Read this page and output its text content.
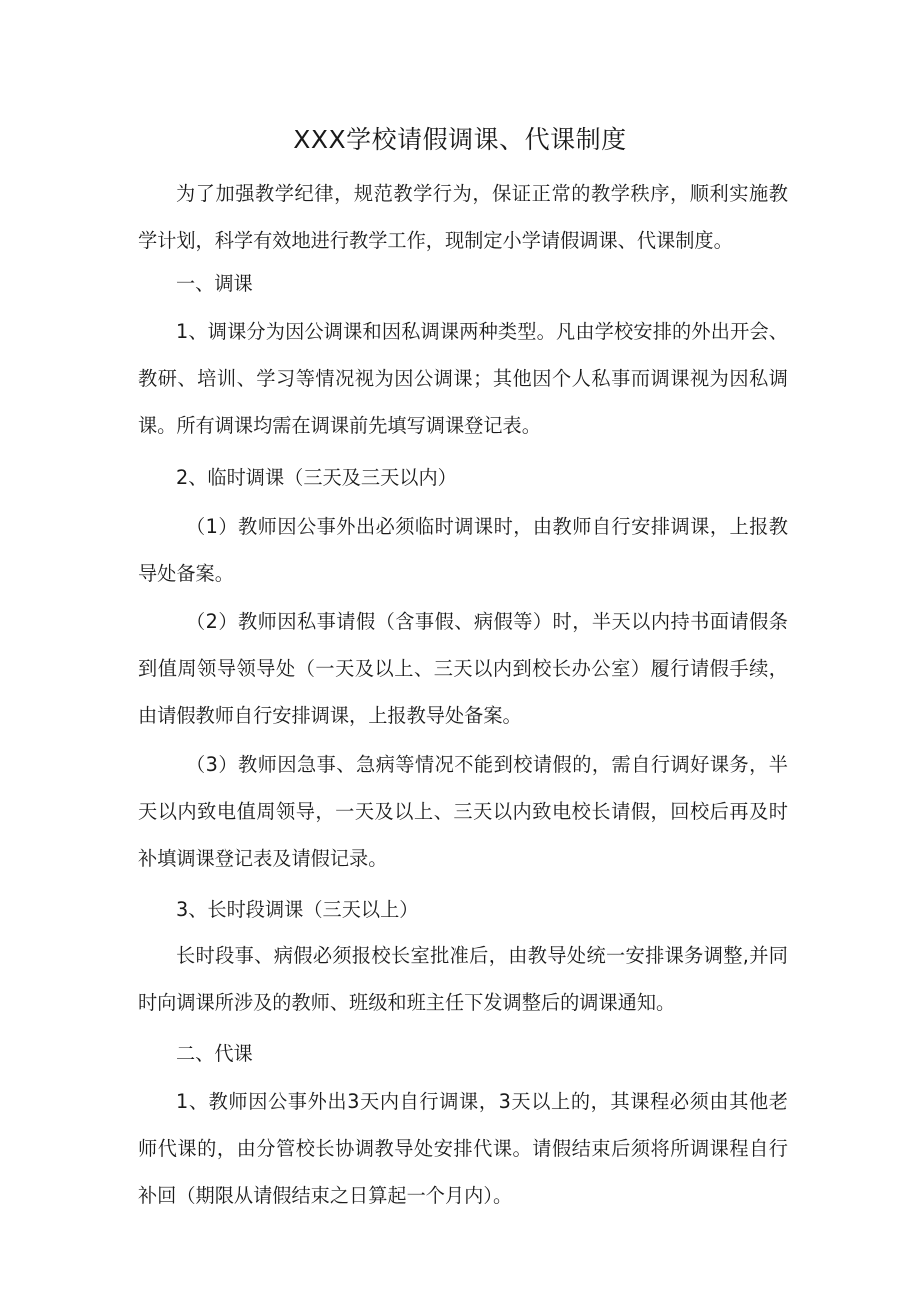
XXX学校请假调课、代课制度

为了加强教学纪律，规范教学行为，保证正常的教学秩序，顺利实施教学计划，科学有效地进行教学工作，现制定小学请假调课、代课制度。

一、调课

1、调课分为因公调课和因私调课两种类型。凡由学校安排的外出开会、教研、培训、学习等情况视为因公调课；其他因个人私事而调课视为因私调课。所有调课均需在调课前先填写调课登记表。

2、临时调课（三天及三天以内）

（1）教师因公事外出必须临时调课时，由教师自行安排调课，上报教导处备案。

（2）教师因私事请假（含事假、病假等）时，半天以内持书面请假条到值周领导领导处（一天及以上、三天以内到校长办公室）履行请假手续，由请假教师自行安排调课，上报教导处备案。

（3）教师因急事、急病等情况不能到校请假的，需自行调好课务，半天以内致电值周领导，一天及以上、三天以内致电校长请假，回校后再及时补填调课登记表及请假记录。

3、长时段调课（三天以上）

长时段事、病假必须报校长室批准后，由教导处统一安排课务调整,并同时向调课所涉及的教师、班级和班主任下发调整后的调课通知。

二、代课

1、教师因公事外出3天内自行调课，3天以上的，其课程必须由其他老师代课的，由分管校长协调教导处安排代课。请假结束后须将所调课程自行补回（期限从请假结束之日算起一个月内）。
